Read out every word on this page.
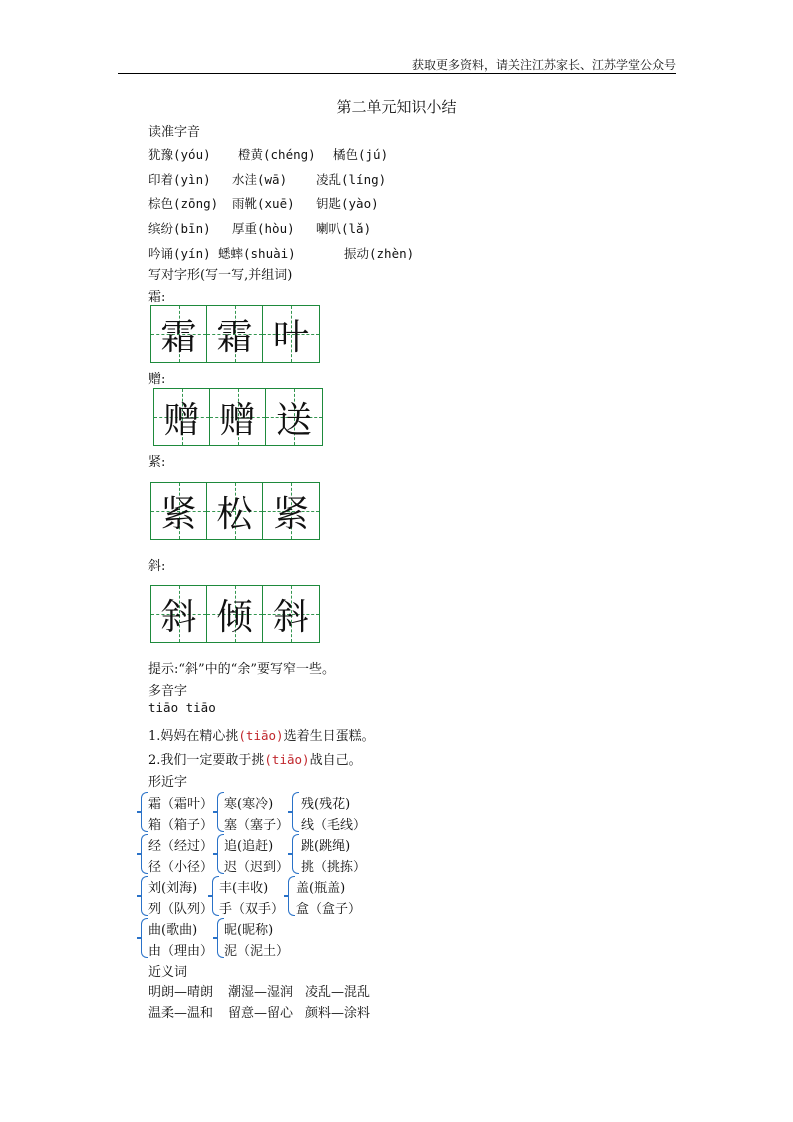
获取更多资料，请关注江苏家长、江苏学堂公众号
第二单元知识小结
读准字音
犹豫(yóu) 橙黄(chéng) 橘色(jú)
印着(yìn) 水洼(wā) 凌乱(líng)
棕色(zōng) 雨靴(xuē) 钥匙(yào)
缤纷(bīn) 厚重(hòu) 喇叭(lǎ)
吟诵(yín) 蟋蟀(shuài)	振动(zhèn)
写对字形(写一写,并组词)
霜:
霜 霜 叶
赠:
赠 赠 送
紧:
紧 松 紧
斜:
斜 倾 斜
提示:“斜”中的“余”要写窄一些。
多音字
tiāo tiāo
1.妈妈在精心挑(tiāo)选着生日蛋糕。
2.我们一定要敢于挑(tiāo)战自己。
形近字
霜（霜叶）
箱（箱子）
经（经过）
径（小径）
刘(刘海)
列（队列）
曲(歌曲)
由（理由）
寒(寒冷)
塞（塞子）
追(追赶)
迟（迟到）
丰(丰收)
手（双手）
昵(昵称)
泥（泥土）
残(残花)
线（毛线）
跳(跳绳)
挑（挑拣）
盖(瓶盖)
盒（盒子）
近义词
明朗—晴朗 潮湿—湿润 凌乱—混乱
温柔—温和 留意—留心 颜料—涂料
